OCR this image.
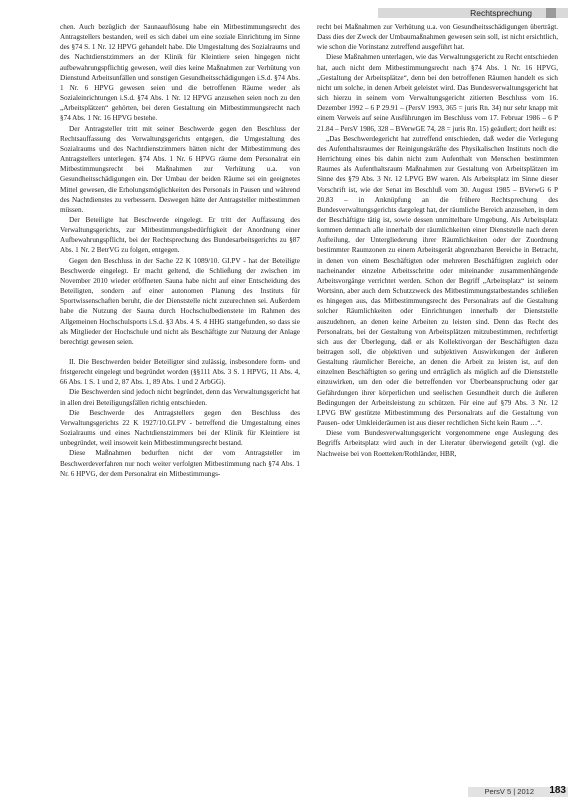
Rechtsprechung

chen. Auch bezüglich der Saunaauflösung habe ein Mitbestimmungsrecht des Antragstellers bestanden, weil es sich dabei um eine soziale Einrichtung im Sinne des §74 S. 1 Nr. 12 HPVG gehandelt habe. Die Umgestaltung des Sozialraums und des Nachtdienstzimmers an der Klinik für Kleintiere seien hingegen nicht aufbewahrungspflichtig gewesen, weil dies keine Maßnahmen zur Verhütung von Dienstund Arbeitsunfällen und sonstigen Gesundheitsschädigungen i.S.d. §74 Abs. 1 Nr. 6 HPVG gewesen seien und die betroffenen Räume weder als Sozialeinrichtungen i.S.d. §74 Abs. 1 Nr. 12 HPVG anzusehen seien noch zu den „Arbeitsplätzen“ gehörten, bei deren Gestaltung ein Mitbestimmungsrecht nach §74 Abs. 1 Nr. 16 HPVG bestehe.

Der Antragsteller tritt mit seiner Beschwerde gegen den Beschluss der Rechtsauffassung des Verwaltungsgerichts entgegen, die Umgestaltung des Sozialraums und des Nachtdienstzimmers hätten nicht der Mitbestimmung des Antragstellers unterlegen. §74 Abs. 1 Nr. 6 HPVG räume dem Personalrat ein Mitbestimmungsrecht bei Maßnahmen zur Verhütung u.a. von Gesundheitsschädigungen ein. Der Umbau der beiden Räume sei ein geeignetes Mittel gewesen, die Erholungsmöglichkeiten des Personals in Pausen und während des Nachtdienstes zu verbessern. Deswegen hätte der Antragsteller mitbestimmen müssen.

Der Beteiligte hat Beschwerde eingelegt. Er tritt der Auffassung des Verwaltungsgerichts, zur Mitbestimmungsbedürftigkeit der Anordnung einer Aufbewahrungspflicht, bei der Rechtsprechung des Bundesarbeitsgerichts zu §87 Abs. 1 Nr. 2 BetrVG zu folgen, entgegen.

Gegen den Beschluss in der Sache 22 K 1089/10. GI.PV - hat der Beteiligte Beschwerde eingelegt. Er macht geltend, die Schließung der zwischen im November 2010 wieder eröffneten Sauna habe nicht auf einer Entscheidung des Beteiligten, sondern auf einer autonomen Planung des Instituts für Sportwissenschaften beruht, die der Dienststelle nicht zuzurechnen sei. Außerdem habe die Nutzung der Sauna durch Hochschulbedienstete im Rahmen des Allgemeinen Hochschulsports i.S.d. §3 Abs. 4 S. 4 HHG stattgefunden, so dass sie als Mitglieder der Hochschule und nicht als Beschäftigte zur Nutzung der Anlage berechtigt gewesen seien.

II. Die Beschwerden beider Beteiligter sind zulässig, insbesondere form- und fristgerecht eingelegt und begründet worden (§§111 Abs. 3 S. 1 HPVG, 11 Abs. 4, 66 Abs. 1 S. 1 und 2, 87 Abs. 1, 89 Abs. 1 und 2 ArbGG).

Die Beschwerden sind jedoch nicht begründet, denn das Verwaltungsgericht hat in allen drei Beteiligungsfällen richtig entschieden.

Die Beschwerde des Antragstellers gegen den Beschluss des Verwaltungsgerichts 22 K 1927/10.GI.PV - betreffend die Umgestaltung eines Sozialraums und eines Nachtdienstzimmers bei der Klinik für Kleintiere ist unbegründet, weil insoweit kein Mitbestimmungsrecht bestand.

Diese Maßnahmen bedurften nicht der vom Antragsteller im Beschwerdeverfahren nur noch weiter verfolgten Mitbestimmung nach §74 Abs. 1 Nr. 6 HPVG, der dem Personalrat ein Mitbestimmungs-

recht bei Maßnahmen zur Verhütung u.a. von Gesundheitsschädigungen überträgt. Dass dies der Zweck der Umbaumaßnahmen gewesen sein soll, ist nicht ersichtlich, wie schon die Vorinstanz zutreffend ausgeführt hat.

Diese Maßnahmen unterlagen, wie das Verwaltungsgericht zu Recht entschieden hat, auch nicht dem Mitbestimmungsrecht nach §74 Abs. 1 Nr. 16 HPVG, „Gestaltung der Arbeitsplätze“, denn bei den betroffenen Räumen handelt es sich nicht um solche, in denen Arbeit geleistet wird. Das Bundesverwaltungsgericht hat sich hierzu in seinem vom Verwaltungsgericht zitierten Beschluss vom 16. Dezember 1992 – 6 P 29.91 – (PersV 1993, 365 = juris Rn. 34) nur sehr knapp mit einem Verweis auf seine Ausführungen im Beschluss vom 17. Februar 1986 – 6 P 21.84 – PersV 1986, 328 – BVerwGE 74, 28 = juris Rn. 15) geäußert; dort heißt es:

„Das Beschwerdegericht hat zutreffend entschieden, daß weder die Verlegung des Aufenthaltsraumes der Reinigungskräfte des Physikalischen Instituts noch die Herrichtung eines bis dahin nicht zum Aufenthalt von Menschen bestimmten Raumes als Aufenthaltsraum Maßnahmen zur Gestaltung von Arbeitsplätzen im Sinne des §79 Abs. 3 Nr. 12 LPVG BW waren. Als Arbeitsplatz im Sinne dieser Vorschrift ist, wie der Senat im Beschluß vom 30. August 1985 – BVerwG 6 P 20.83 – in Anknüpfung an die frühere Rechtsprechung des Bundesverwaltungsgerichts dargelegt hat, der räumliche Bereich anzusehen, in dem der Beschäftigte tätig ist, sowie dessen unmittelbare Umgebung. Als Arbeitsplatz kommen demnach alle innerhalb der räumlichkeiten einer Dienststelle nach deren Aufteilung, der Untergliederung ihrer Räumlichkeiten oder der Zuordnung bestimmter Raumzonen zu einem Arbeitsgerät abgrenzbaren Bereiche in Betracht, in denen von einem Beschäftigten oder mehreren Beschäftigten zugleich oder nacheinander einzelne Arbeitsschritte oder miteinander zusammenhängende Arbeitsvorgänge verrichtet werden. Schon der Begriff „Arbeitsplatz“ ist seinem Wortsinn, aber auch dem Schutzzweck des Mitbestimmungstatbestandes schließen es hingegen aus, das Mitbestimmungsrecht des Personalrats auf die Gestaltung solcher Räumlichkeiten oder Einrichtungen innerhalb der Dienststelle auszudehnen, an denen keine Arbeiten zu leisten sind. Denn das Recht des Personalrats, bei der Gestaltung von Arbeitsplätzen mitzubestimmen, rechtfertigt sich aus der Überlegung, daß er als Kollektivorgan der Beschäftigten dazu beitragen soll, die objektiven und subjektiven Auswirkungen der äußeren Gestaltung räumlicher Bereiche, an denen die Arbeit zu leisten ist, auf den einzelnen Beschäftigten so gering und erträglich als möglich auf die Dienststelle einzuwirken, um den oder die betreffenden vor Überbeanspruchung oder gar Gefährdungen ihrer körperlichen und seelischen Gesundheit durch die äußeren Bedingungen der Arbeitsleistung zu schützen. Für eine auf §79 Abs. 3 Nr. 12 LPVG BW gestützte Mitbestimmung des Personalrats auf die Gestaltung von Pausen- oder Umkleideräumen ist aus dieser rechtlichen Sicht kein Raum …“.

Diese vom Bundesverwaltungsgericht vorgenommene enge Auslegung des Begriffs Arbeitsplatz wird auch in der Literatur überwiegend geteilt (vgl. die Nachweise bei von Roetteken/Rothländer, HBR,

PersV 5 | 2012 183
